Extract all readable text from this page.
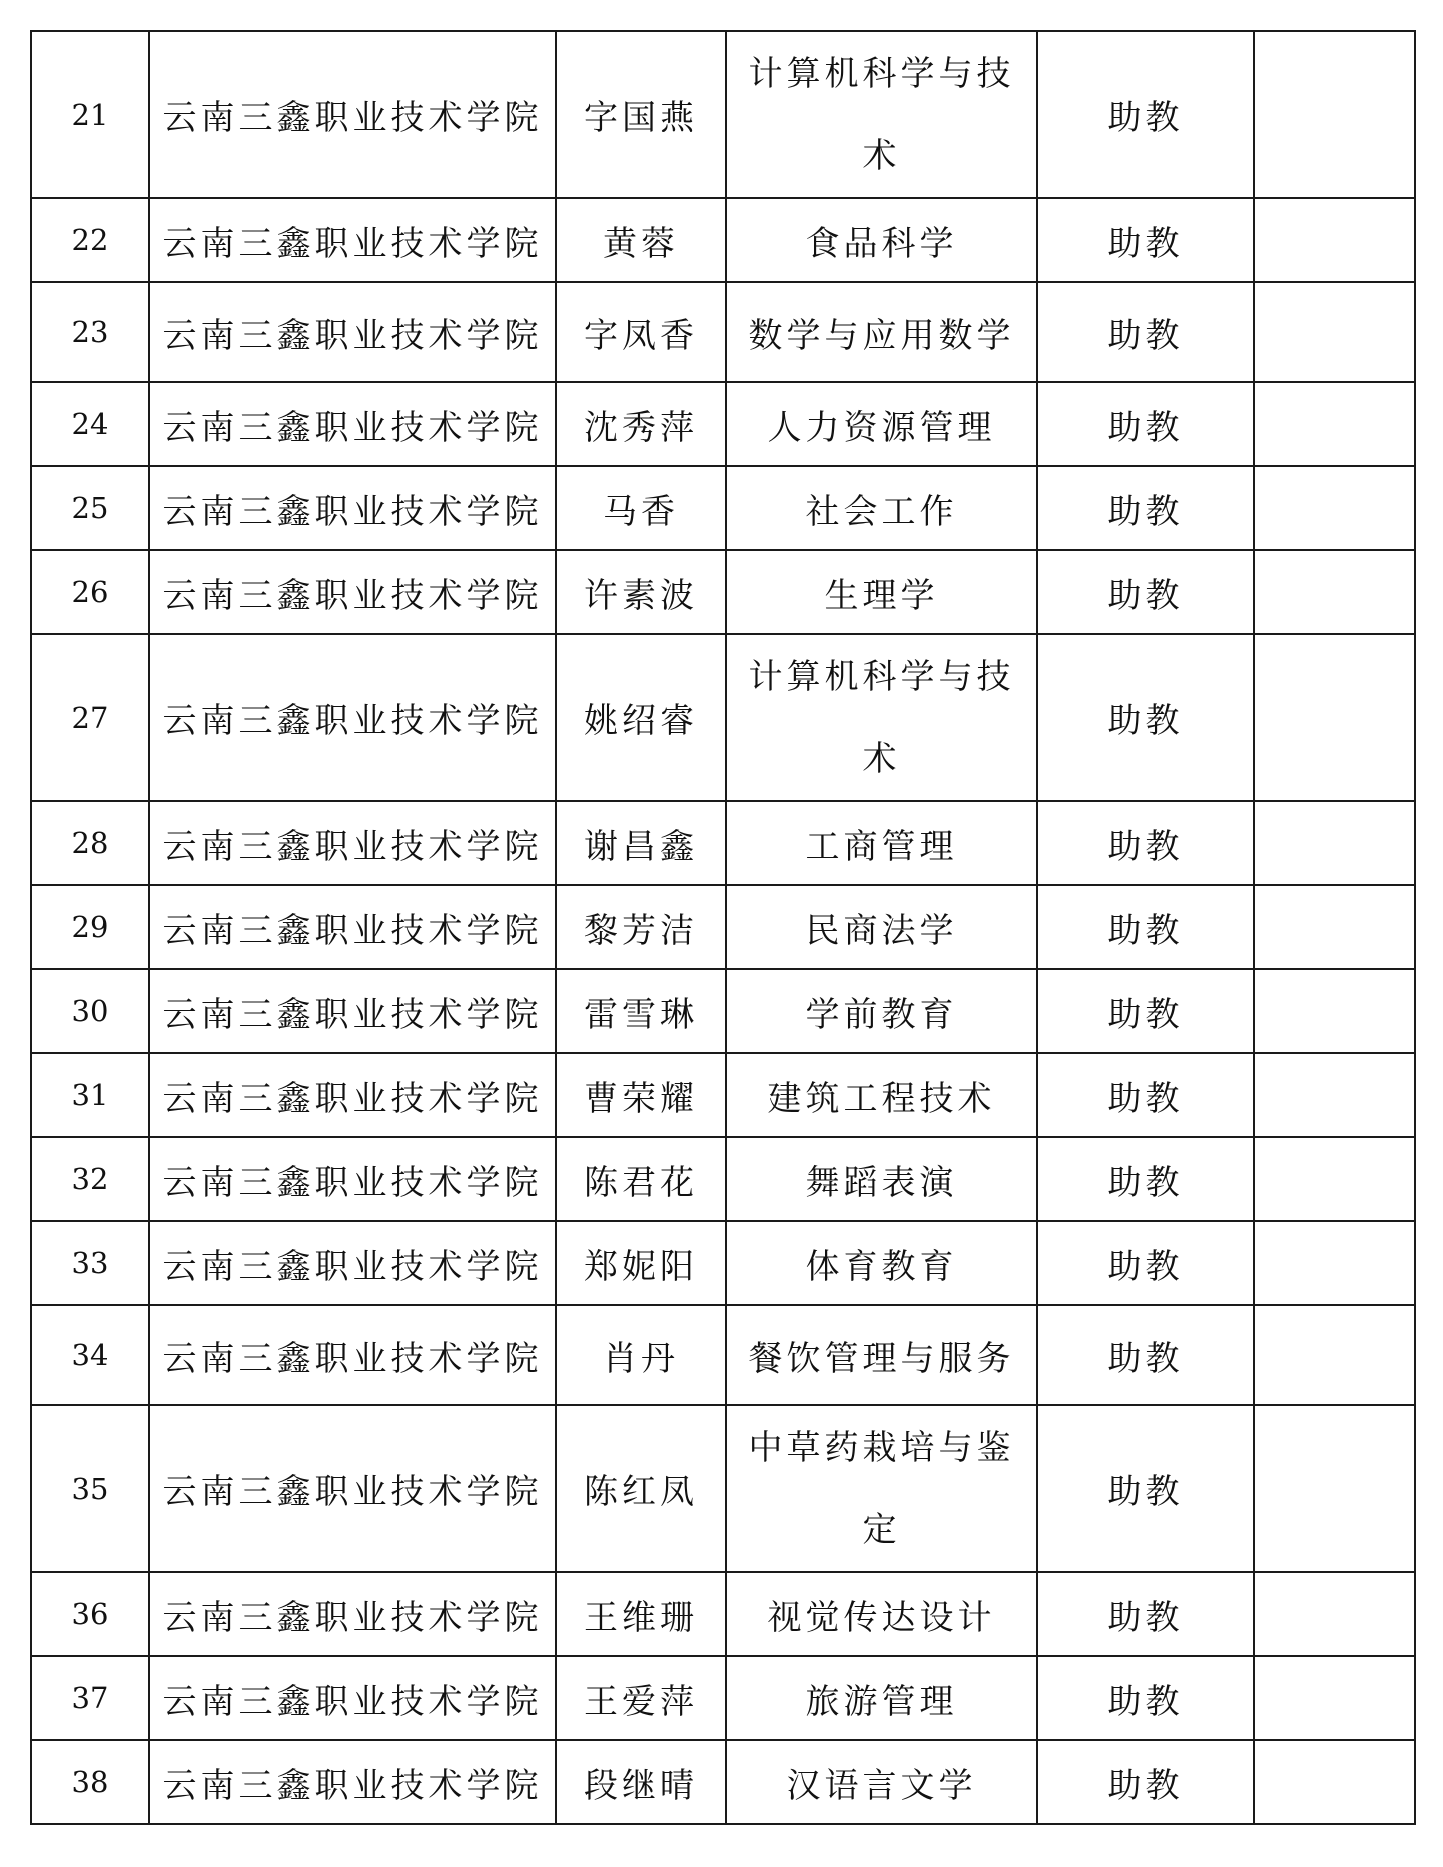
21	云南三鑫职业技术学院	字国燕	计算机科学与技
术	助教	
22	云南三鑫职业技术学院	黄蓉	食品科学	助教	
23	云南三鑫职业技术学院	字凤香	数学与应用数学	助教	
24	云南三鑫职业技术学院	沈秀萍	人力资源管理	助教	
25	云南三鑫职业技术学院	马香	社会工作	助教	
26	云南三鑫职业技术学院	许素波	生理学	助教	
27	云南三鑫职业技术学院	姚绍睿	计算机科学与技
术	助教	
28	云南三鑫职业技术学院	谢昌鑫	工商管理	助教	
29	云南三鑫职业技术学院	黎芳洁	民商法学	助教	
30	云南三鑫职业技术学院	雷雪琳	学前教育	助教	
31	云南三鑫职业技术学院	曹荣耀	建筑工程技术	助教	
32	云南三鑫职业技术学院	陈君花	舞蹈表演	助教	
33	云南三鑫职业技术学院	郑妮阳	体育教育	助教	
34	云南三鑫职业技术学院	肖丹	餐饮管理与服务	助教	
35	云南三鑫职业技术学院	陈红凤	中草药栽培与鉴
定	助教	
36	云南三鑫职业技术学院	王维珊	视觉传达设计	助教	
37	云南三鑫职业技术学院	王爱萍	旅游管理	助教	
38	云南三鑫职业技术学院	段继晴	汉语言文学	助教	
